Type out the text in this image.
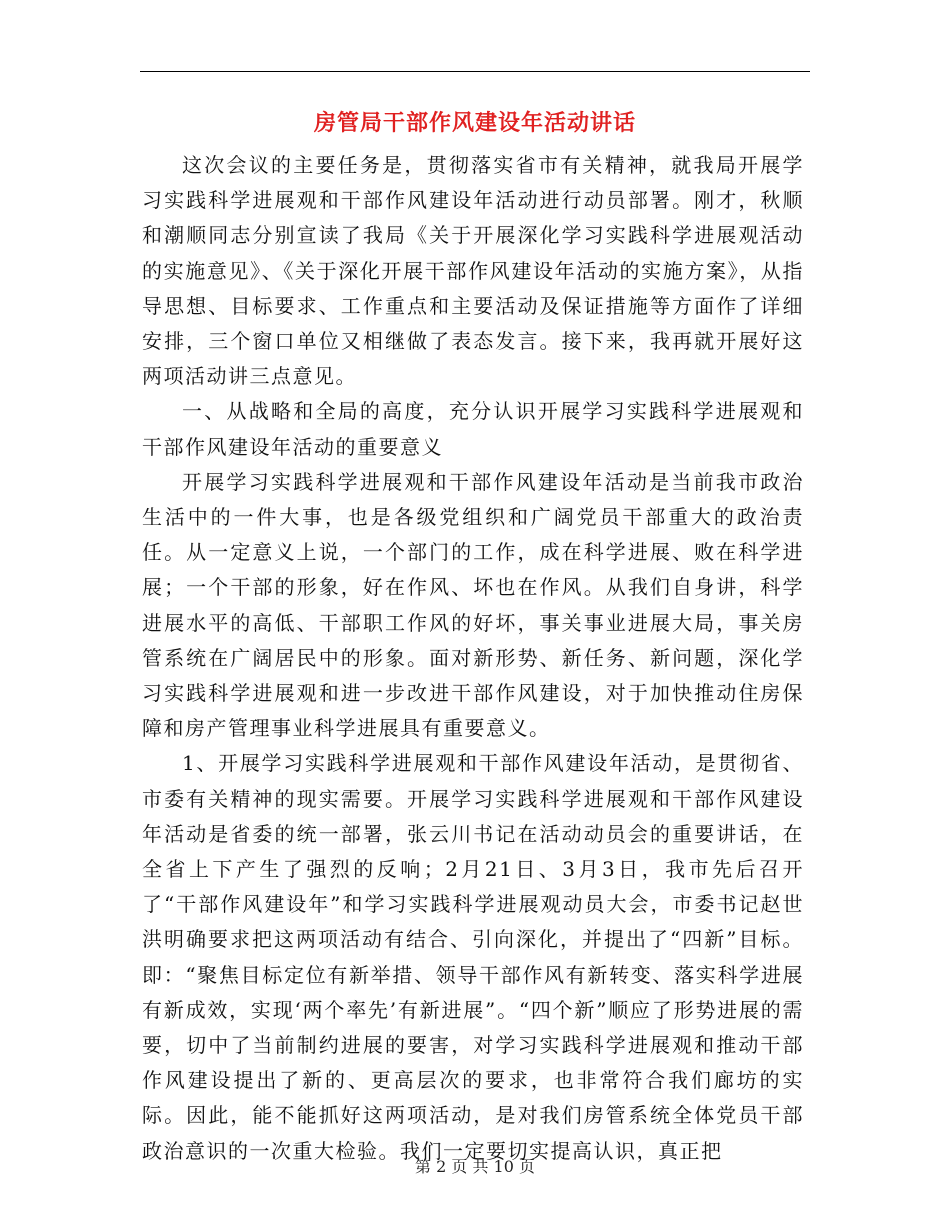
房管局干部作风建设年活动讲话

这次会议的主要任务是，贯彻落实省市有关精神，就我局开展学习实践科学进展观和干部作风建设年活动进行动员部署。刚才，秋顺和潮顺同志分别宣读了我局《关于开展深化学习实践科学进展观活动的实施意见》、《关于深化开展干部作风建设年活动的实施方案》，从指导思想、目标要求、工作重点和主要活动及保证措施等方面作了详细安排，三个窗口单位又相继做了表态发言。接下来，我再就开展好这两项活动讲三点意见。

一、从战略和全局的高度，充分认识开展学习实践科学进展观和干部作风建设年活动的重要意义

开展学习实践科学进展观和干部作风建设年活动是当前我市政治生活中的一件大事，也是各级党组织和广阔党员干部重大的政治责任。从一定意义上说，一个部门的工作，成在科学进展、败在科学进展；一个干部的形象，好在作风、坏也在作风。从我们自身讲，科学进展水平的高低、干部职工作风的好坏，事关事业进展大局，事关房管系统在广阔居民中的形象。面对新形势、新任务、新问题，深化学习实践科学进展观和进一步改进干部作风建设，对于加快推动住房保障和房产管理事业科学进展具有重要意义。

1、开展学习实践科学进展观和干部作风建设年活动，是贯彻省、市委有关精神的现实需要。开展学习实践科学进展观和干部作风建设年活动是省委的统一部署，张云川书记在活动动员会的重要讲话，在全省上下产生了强烈的反响；2月21日、3月3日，我市先后召开了“干部作风建设年”和学习实践科学进展观动员大会，市委书记赵世洪明确要求把这两项活动有结合、引向深化，并提出了“四新”目标。即：“聚焦目标定位有新举措、领导干部作风有新转变、落实科学进展有新成效，实现‘两个率先’有新进展”。“四个新”顺应了形势进展的需要，切中了当前制约进展的要害，对学习实践科学进展观和推动干部作风建设提出了新的、更高层次的要求，也非常符合我们廊坊的实际。因此，能不能抓好这两项活动，是对我们房管系统全体党员干部政治意识的一次重大检验。我们一定要切实提高认识，真正把

第 2 页 共 10 页
